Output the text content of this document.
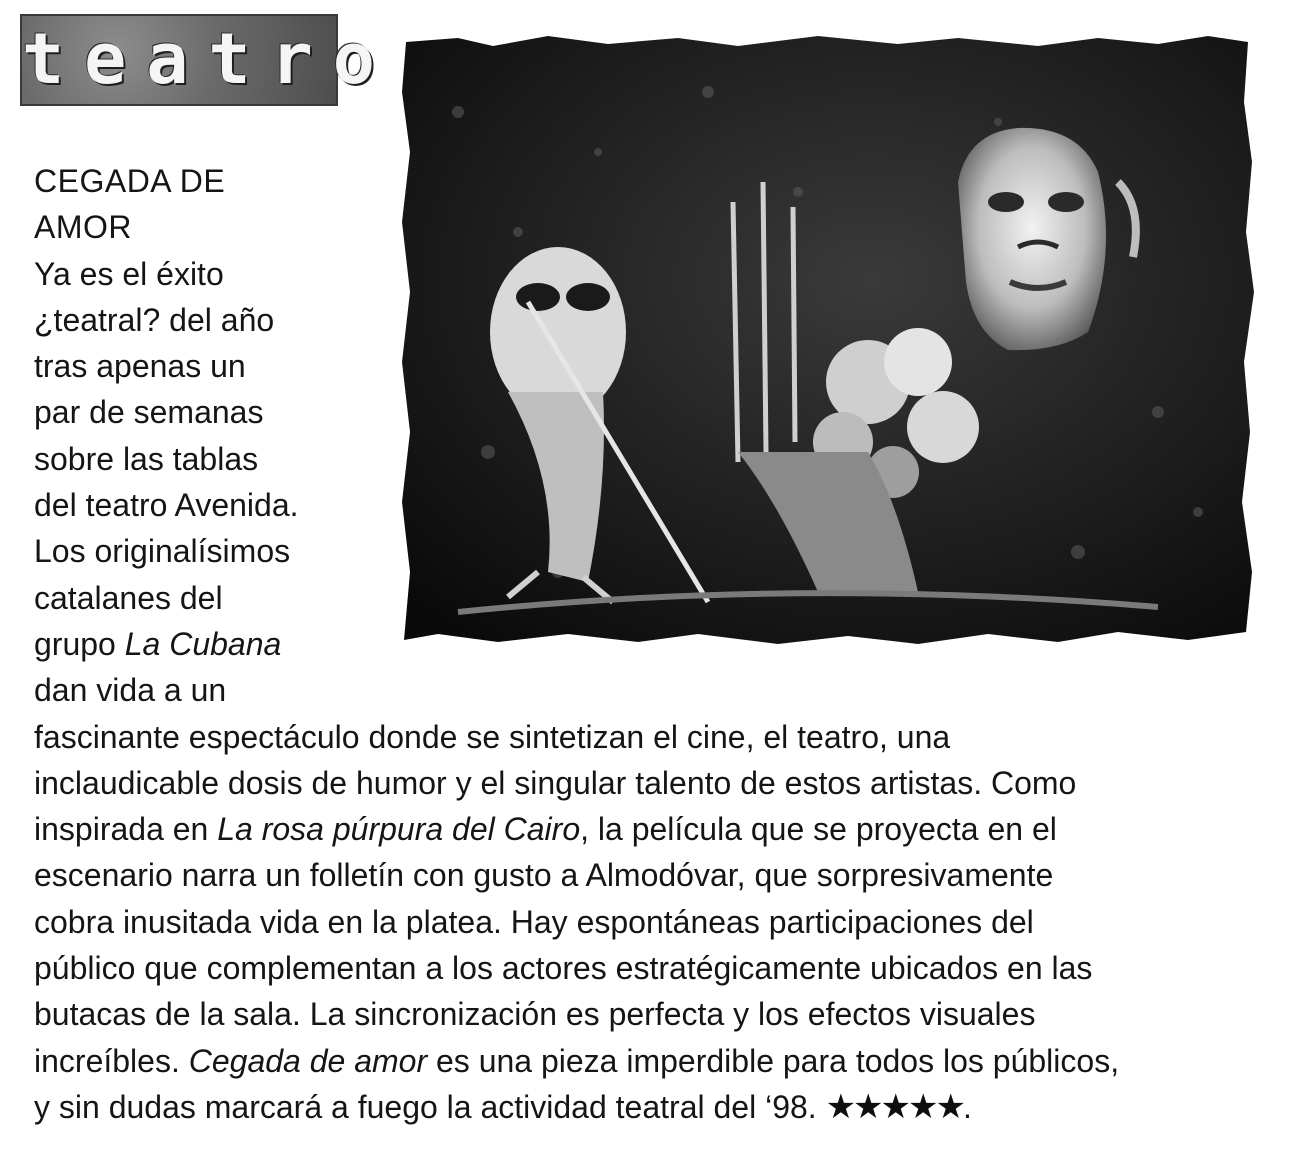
teatro
CEGADA DE
AMOR
Ya es el éxito
¿teatral? del año
tras apenas un
par de semanas
sobre las tablas
del teatro Avenida.
Los originalísimos
catalanes del
grupo La Cubana
dan vida a un
fascinante espectáculo donde se sintetizan el cine, el teatro, una
inclaudicable dosis de humor y el singular talento de estos artistas. Como
inspirada en La rosa púrpura del Cairo, la película que se proyecta en el
escenario narra un folletín con gusto a Almodóvar, que sorpresivamente
cobra inusitada vida en la platea. Hay espontáneas participaciones del
público que complementan a los actores estratégicamente ubicados en las
butacas de la sala. La sincronización es perfecta y los efectos visuales
increíbles. Cegada de amor es una pieza imperdible para todos los públicos,
y sin dudas marcará a fuego la actividad teatral del ‘98. ★★★★★.
